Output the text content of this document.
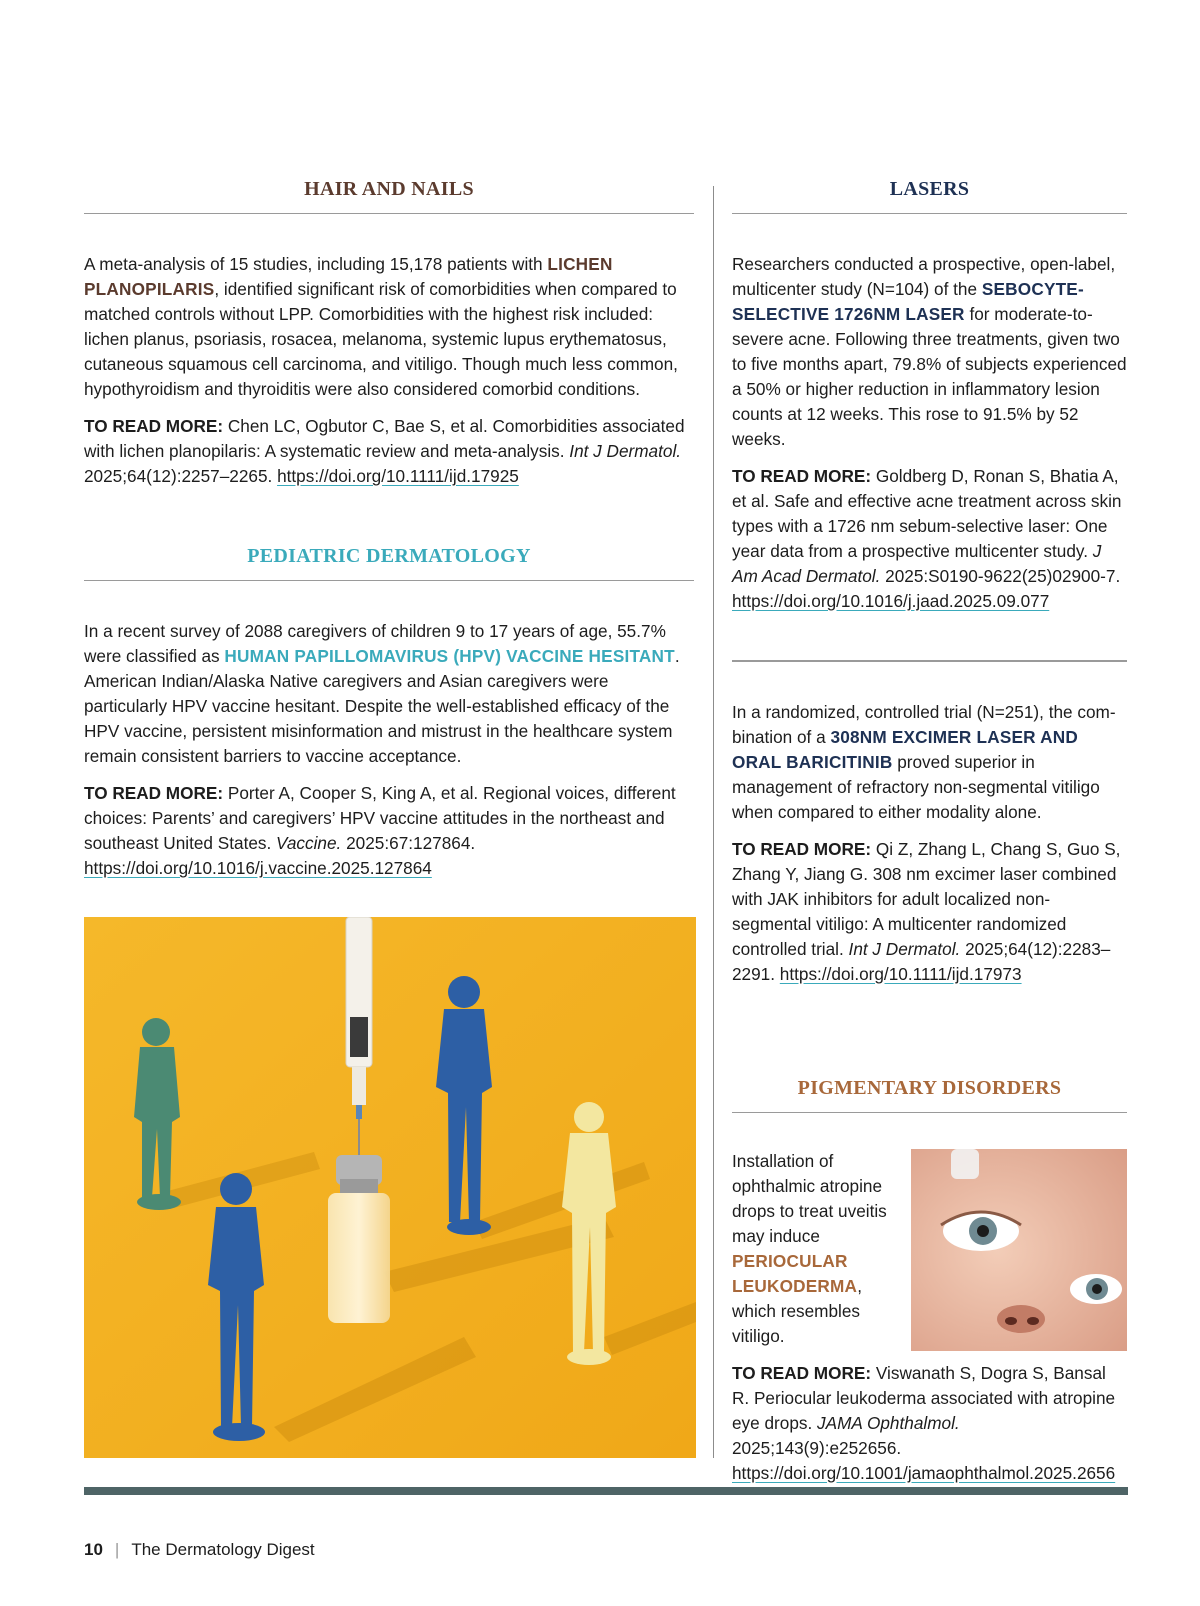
HAIR AND NAILS

A meta-analysis of 15 studies, including 15,178 patients with LICHEN PLANOPILARIS, identified significant risk of comorbidities when compared to matched controls without LPP. Comorbidities with the highest risk included: lichen planus, psoriasis, rosacea, melanoma, systemic lupus erythematosus, cutaneous squamous cell carcinoma, and vitiligo. Though much less common, hypothyroidism and thyroiditis were also considered comorbid conditions.

TO READ MORE: Chen LC, Ogbutor C, Bae S, et al. Comorbidities associated with lichen planopilaris: A systematic review and meta-analysis. Int J Dermatol. 2025;64(12):2257–2265. https://doi.org/10.1111/ijd.17925

PEDIATRIC DERMATOLOGY

In a recent survey of 2088 caregivers of children 9 to 17 years of age, 55.7% were classified as HUMAN PAPILLOMAVIRUS (HPV) VACCINE HESITANT. American Indian/Alaska Native caregivers and Asian caregivers were particularly HPV vaccine hesitant. Despite the well-established efficacy of the HPV vaccine, persistent misinformation and mistrust in the healthcare system remain consistent barriers to vaccine acceptance.

TO READ MORE: Porter A, Cooper S, King A, et al. Regional voices, different choices: Parents’ and caregivers’ HPV vaccine attitudes in the northeast and southeast United States. Vaccine. 2025:67:127864. https://doi.org/10.1016/j.vaccine.2025.127864

LASERS

Researchers conducted a prospective, open-label, multicenter study (N=104) of the SEBOCYTE-SELECTIVE 1726NM LASER for moderate-to-severe acne. Following three treatments, given two to five months apart, 79.8% of subjects experienced a 50% or higher reduction in inflammatory lesion counts at 12 weeks. This rose to 91.5% by 52 weeks.

TO READ MORE: Goldberg D, Ronan S, Bhatia A, et al. Safe and effective acne treatment across skin types with a 1726 nm sebum-selective laser: One year data from a prospective multicenter study. J Am Acad Dermatol. 2025:S0190-9622(25)02900-7. https://doi.org/10.1016/j.jaad.2025.09.077

In a randomized, controlled trial (N=251), the combination of a 308NM EXCIMER LASER AND ORAL BARICITINIB proved superior in management of refractory non-segmental vitiligo when compared to either modality alone.

TO READ MORE: Qi Z, Zhang L, Chang S, Guo S, Zhang Y, Jiang G. 308 nm excimer laser combined with JAK inhibitors for adult localized non-segmental vitiligo: A multicenter randomized controlled trial. Int J Dermatol. 2025;64(12):2283–2291. https://doi.org/10.1111/ijd.17973

PIGMENTARY DISORDERS

Installation of ophthalmic atropine drops to treat uveitis may induce PERIOCULAR LEUKODERMA, which resembles vitiligo.

TO READ MORE: Viswanath S, Dogra S, Bansal R. Periocular leukoderma associated with atropine eye drops. JAMA Ophthalmol. 2025;143(9):e252656. https://doi.org/10.1001/jamaophthalmol.2025.2656

10 | The Dermatology Digest
